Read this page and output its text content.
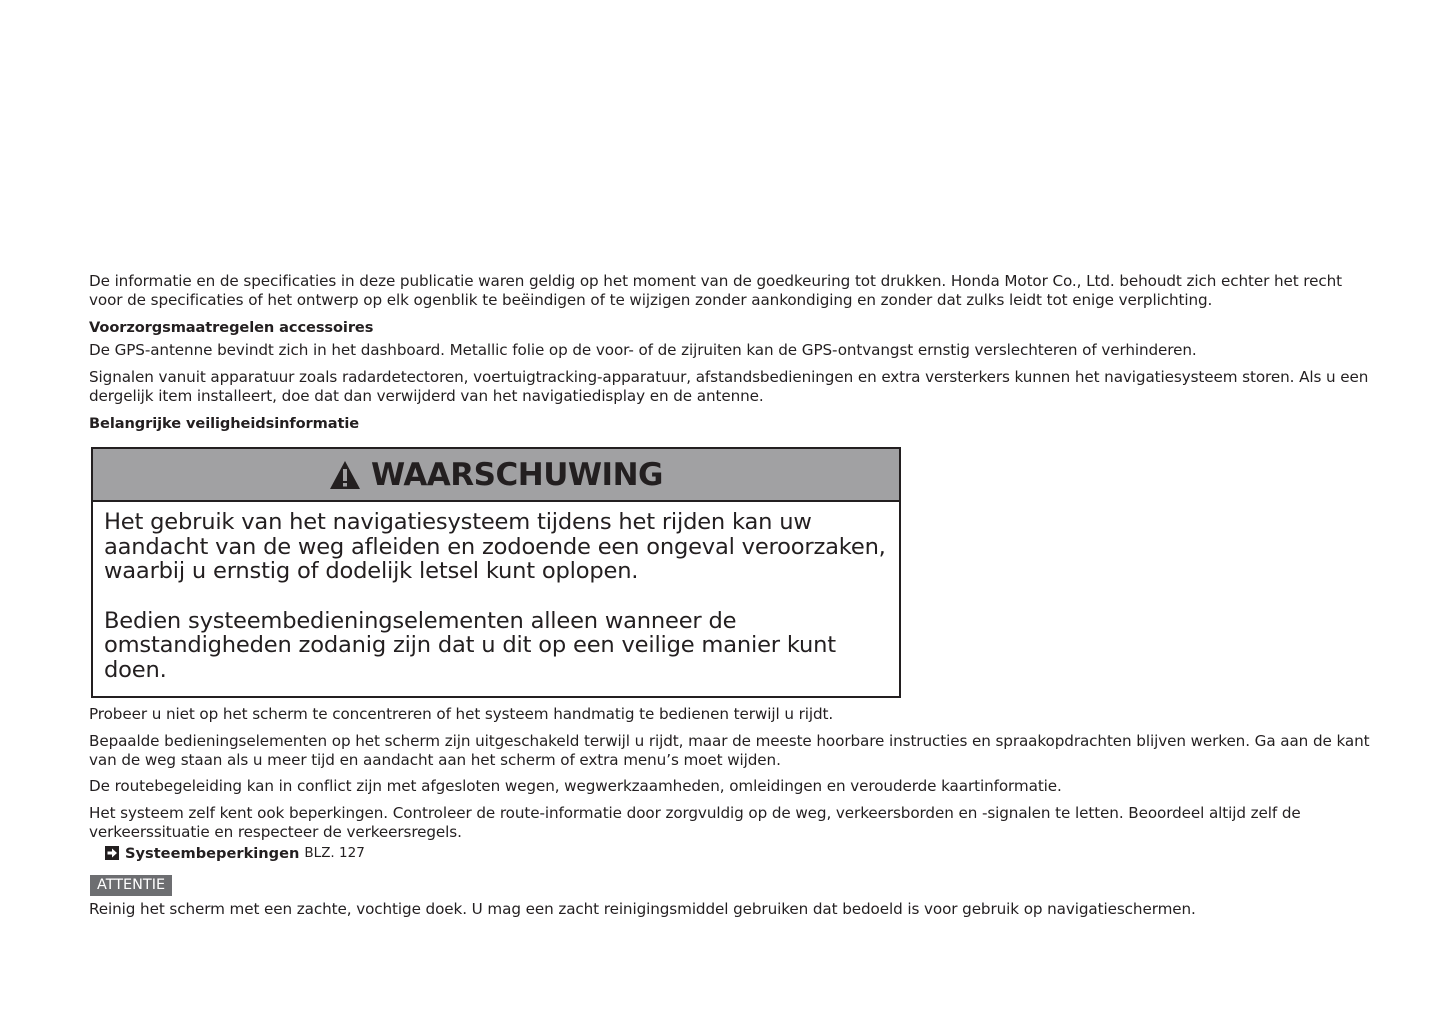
De informatie en de specificaties in deze publicatie waren geldig op het moment van de goedkeuring tot drukken. Honda Motor Co., Ltd. behoudt zich echter het recht voor de specificaties of het ontwerp op elk ogenblik te beëindigen of te wijzigen zonder aankondiging en zonder dat zulks leidt tot enige verplichting.

Voorzorgsmaatregelen accessoires

De GPS-antenne bevindt zich in het dashboard. Metallic folie op de voor- of de zijruiten kan de GPS-ontvangst ernstig verslechteren of verhinderen.

Signalen vanuit apparatuur zoals radardetectoren, voertuigtracking-apparatuur, afstandsbedieningen en extra versterkers kunnen het navigatiesysteem storen. Als u een dergelijk item installeert, doe dat dan verwijderd van het navigatiedisplay en de antenne.

Belangrijke veiligheidsinformatie

WAARSCHUWING

Het gebruik van het navigatiesysteem tijdens het rijden kan uw aandacht van de weg afleiden en zodoende een ongeval veroorzaken, waarbij u ernstig of dodelijk letsel kunt oplopen.

Bedien systeembedieningselementen alleen wanneer de omstandigheden zodanig zijn dat u dit op een veilige manier kunt doen.

Probeer u niet op het scherm te concentreren of het systeem handmatig te bedienen terwijl u rijdt.

Bepaalde bedieningselementen op het scherm zijn uitgeschakeld terwijl u rijdt, maar de meeste hoorbare instructies en spraakopdrachten blijven werken. Ga aan de kant van de weg staan als u meer tijd en aandacht aan het scherm of extra menu’s moet wijden.

De routebegeleiding kan in conflict zijn met afgesloten wegen, wegwerkzaamheden, omleidingen en verouderde kaartinformatie.

Het systeem zelf kent ook beperkingen. Controleer de route-informatie door zorgvuldig op de weg, verkeersborden en -signalen te letten. Beoordeel altijd zelf de verkeerssituatie en respecteer de verkeersregels.

Systeembeperkingen BLZ. 127
ATTENTIE

Reinig het scherm met een zachte, vochtige doek. U mag een zacht reinigingsmiddel gebruiken dat bedoeld is voor gebruik op navigatieschermen.
